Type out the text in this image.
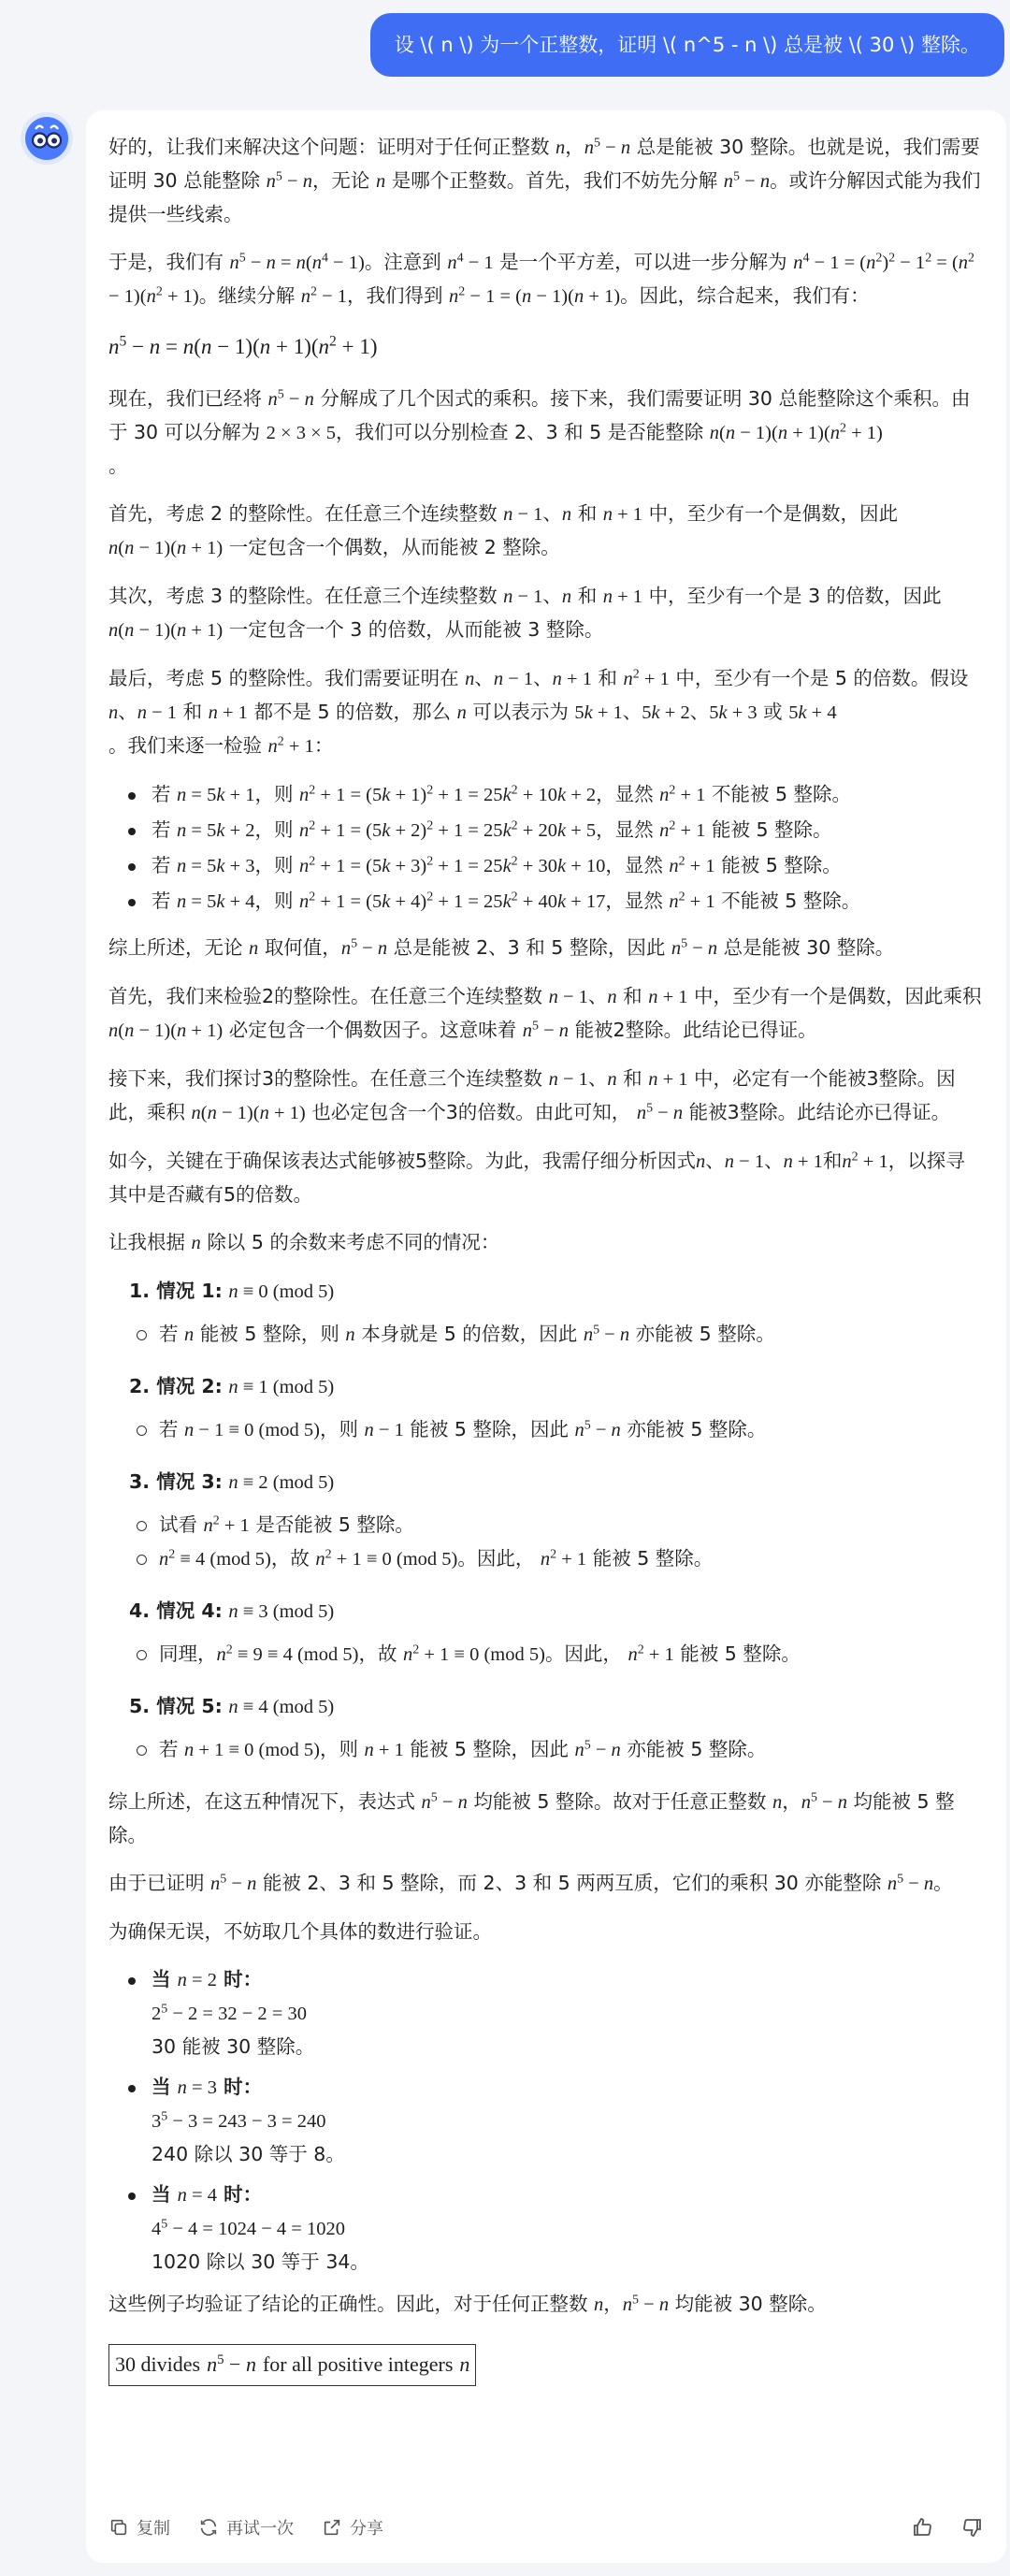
设 \( n \) 为一个正整数，证明 \( n^5 - n \) 总是被 \( 30 \) 整除。

好的，让我们来解决这个问题：证明对于任何正整数 n，$n^5 - n$ 总是能被 30 整除。也就是说，我们需要证明 30 总能整除 $n^5 - n$，无论 n 是哪个正整数。首先，我们不妨先分解 $n^5 - n$。或许分解因式能为我们提供一些线索。

于是，我们有 $n^5 - n = n(n^4 - 1)$。注意到 $n^4 - 1$ 是一个平方差，可以进一步分解为 $n^4 - 1 = (n^2)^2 - 1^2 = (n^2 - 1)(n^2 + 1)$。继续分解 $n^2 - 1$，我们得到 $n^2 - 1 = (n - 1)(n + 1)$。因此，综合起来，我们有：

$n^5 - n = n(n - 1)(n + 1)(n^2 + 1)$

现在，我们已经将 $n^5 - n$ 分解成了几个因式的乘积。接下来，我们需要证明 30 总能整除这个乘积。由于 30 可以分解为 2 × 3 × 5，我们可以分别检查 2、3 和 5 是否能整除 $n(n - 1)(n + 1)(n^2 + 1)$
。

首先，考虑 2 的整除性。在任意三个连续整数 n − 1、n 和 n + 1 中，至少有一个是偶数，因此
n(n − 1)(n + 1) 一定包含一个偶数，从而能被 2 整除。

其次，考虑 3 的整除性。在任意三个连续整数 n − 1、n 和 n + 1 中，至少有一个是 3 的倍数，因此
n(n − 1)(n + 1) 一定包含一个 3 的倍数，从而能被 3 整除。

最后，考虑 5 的整除性。我们需要证明在 n、n − 1、n + 1 和 $n^2 + 1$ 中，至少有一个是 5 的倍数。假设 n、n − 1 和 n + 1 都不是 5 的倍数，那么 n 可以表示为 5k + 1、5k + 2、5k + 3 或 5k + 4
。我们来逐一检验 $n^2 + 1$：

若 n = 5k + 1，则 $n^2 + 1 = (5k + 1)^2 + 1 = 25k^2 + 10k + 2$，显然 $n^2 + 1$ 不能被 5 整除。
若 n = 5k + 2，则 $n^2 + 1 = (5k + 2)^2 + 1 = 25k^2 + 20k + 5$，显然 $n^2 + 1$ 能被 5 整除。
若 n = 5k + 3，则 $n^2 + 1 = (5k + 3)^2 + 1 = 25k^2 + 30k + 10$，显然 $n^2 + 1$ 能被 5 整除。
若 n = 5k + 4，则 $n^2 + 1 = (5k + 4)^2 + 1 = 25k^2 + 40k + 17$，显然 $n^2 + 1$ 不能被 5 整除。

综上所述，无论 n 取何值，$n^5 - n$ 总是能被 2、3 和 5 整除，因此 $n^5 - n$ 总是能被 30 整除。

首先，我们来检验2的整除性。在任意三个连续整数 n − 1、n 和 n + 1 中，至少有一个是偶数，因此乘积 n(n − 1)(n + 1) 必定包含一个偶数因子。这意味着 $n^5 - n$ 能被2整除。此结论已得证。

接下来，我们探讨3的整除性。在任意三个连续整数 n − 1、n 和 n + 1 中，必定有一个能被3整除。因此，乘积 n(n − 1)(n + 1) 也必定包含一个3的倍数。由此可知， $n^5 - n$ 能被3整除。此结论亦已得证。

如今，关键在于确保该表达式能够被5整除。为此，我需仔细分析因式n、n − 1、n + 1和$n^2 + 1$，以探寻其中是否藏有5的倍数。

让我根据 n 除以 5 的余数来考虑不同的情况：

1. 情况 1: n ≡ 0 (mod 5)
若 n 能被 5 整除，则 n 本身就是 5 的倍数，因此 $n^5 - n$ 亦能被 5 整除。
2. 情况 2: n ≡ 1 (mod 5)
若 n − 1 ≡ 0 (mod 5)，则 n − 1 能被 5 整除，因此 $n^5 - n$ 亦能被 5 整除。
3. 情况 3: n ≡ 2 (mod 5)
试看 $n^2 + 1$ 是否能被 5 整除。
$n^2 \equiv 4$ (mod 5)，故 $n^2 + 1 \equiv 0$ (mod 5)。因此， $n^2 + 1$ 能被 5 整除。
4. 情况 4: n ≡ 3 (mod 5)
同理，$n^2 \equiv 9 \equiv 4$ (mod 5)，故 $n^2 + 1 \equiv 0$ (mod 5)。因此， $n^2 + 1$ 能被 5 整除。
5. 情况 5: n ≡ 4 (mod 5)
若 n + 1 ≡ 0 (mod 5)，则 n + 1 能被 5 整除，因此 $n^5 - n$ 亦能被 5 整除。

综上所述，在这五种情况下，表达式 $n^5 - n$ 均能被 5 整除。故对于任意正整数 n，$n^5 - n$ 均能被 5 整除。

由于已证明 $n^5 - n$ 能被 2、3 和 5 整除，而 2、3 和 5 两两互质，它们的乘积 30 亦能整除 $n^5 - n$。

为确保无误，不妨取几个具体的数进行验证。

当 n = 2 时：
$2^5 - 2 = 32 - 2 = 30$
30 能被 30 整除。
当 n = 3 时：
$3^5 - 3 = 243 - 3 = 240$
240 除以 30 等于 8。
当 n = 4 时：
$4^5 - 4 = 1024 - 4 = 1020$
1020 除以 30 等于 34。

这些例子均验证了结论的正确性。因此，对于任何正整数 n，$n^5 - n$ 均能被 30 整除。

30 divides $n^5 - n$ for all positive integers n
复制	再试一次	分享
